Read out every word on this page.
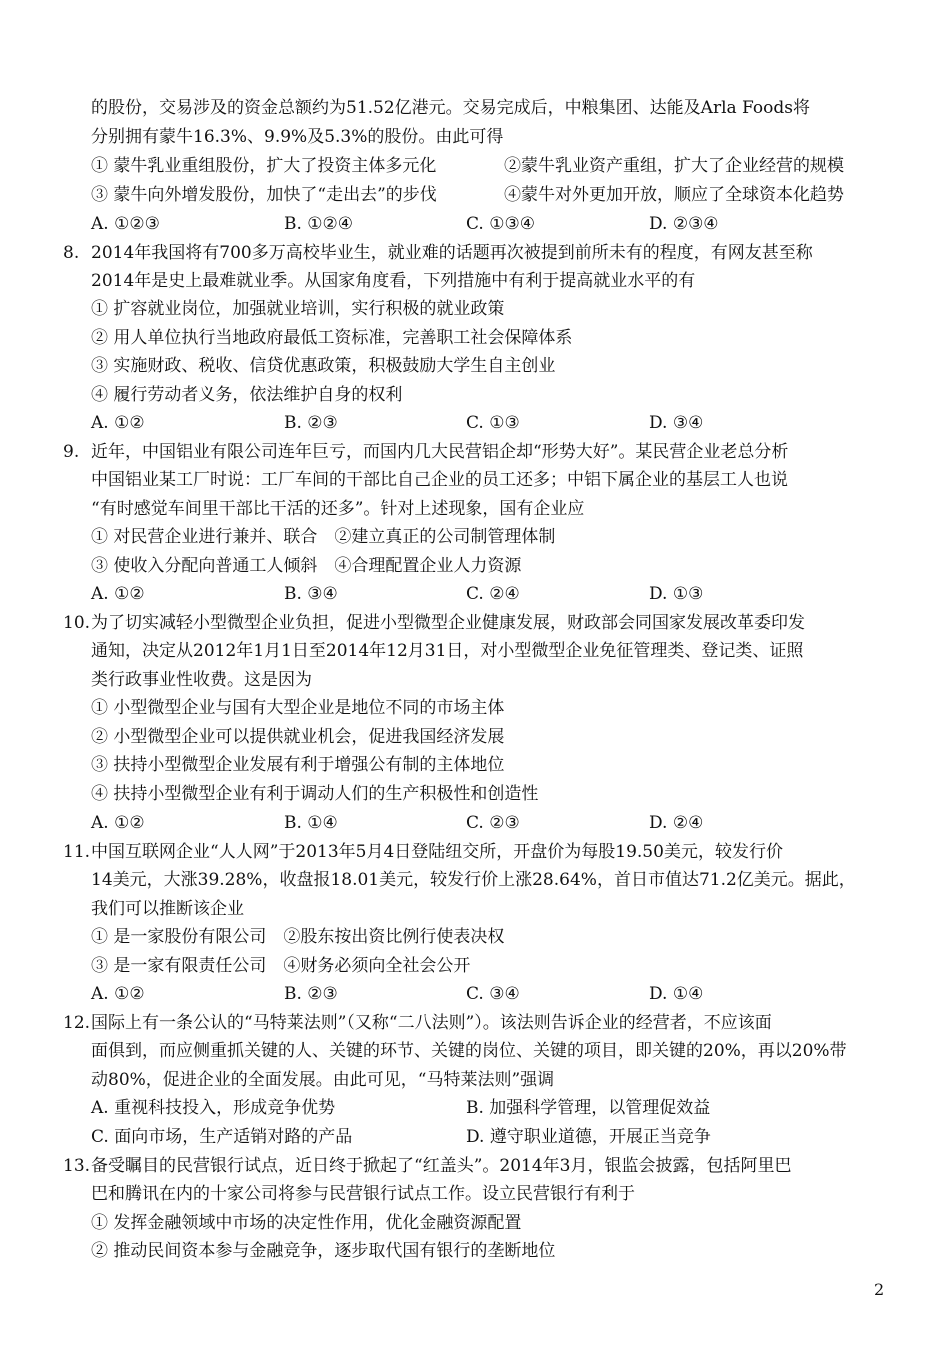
的股份，交易涉及的资金总额约为51.52亿港元。交易完成后，中粮集团、达能及Arla Foods将
分别拥有蒙牛16.3%、9.9%及5.3%的股份。由此可得
① 蒙牛乳业重组股份，扩大了投资主体多元化	②蒙牛乳业资产重组，扩大了企业经营的规模
③ 蒙牛向外增发股份，加快了“走出去”的步伐	④蒙牛对外更加开放，顺应了全球资本化趋势
A. ①②③	B. ①②④	C. ①③④	D. ②③④
8. 2014年我国将有700多万高校毕业生，就业难的话题再次被提到前所未有的程度，有网友甚至称
2014年是史上最难就业季。从国家角度看，下列措施中有利于提高就业水平的有
① 扩容就业岗位，加强就业培训，实行积极的就业政策
② 用人单位执行当地政府最低工资标准，完善职工社会保障体系
③ 实施财政、税收、信贷优惠政策，积极鼓励大学生自主创业
④ 履行劳动者义务，依法维护自身的权利
A. ①②	B. ②③	C. ①③	D. ③④
9. 近年，中国铝业有限公司连年巨亏，而国内几大民营铝企却“形势大好”。某民营企业老总分析
中国铝业某工厂时说：工厂车间的干部比自己企业的员工还多；中铝下属企业的基层工人也说
“有时感觉车间里干部比干活的还多”。针对上述现象，国有企业应
① 对民营企业进行兼并、联合　②建立真正的公司制管理体制
③ 使收入分配向普通工人倾斜　④合理配置企业人力资源
A. ①②	B. ③④	C. ②④	D. ①③
10. 为了切实减轻小型微型企业负担，促进小型微型企业健康发展，财政部会同国家发展改革委印发
通知，决定从2012年1月1日至2014年12月31日，对小型微型企业免征管理类、登记类、证照
类行政事业性收费。这是因为
① 小型微型企业与国有大型企业是地位不同的市场主体
② 小型微型企业可以提供就业机会，促进我国经济发展
③ 扶持小型微型企业发展有利于增强公有制的主体地位
④ 扶持小型微型企业有利于调动人们的生产积极性和创造性
A. ①②	B. ①④	C. ②③	D. ②④
11. 中国互联网企业“人人网”于2013年5月4日登陆纽交所，开盘价为每股19.50美元，较发行价
14美元，大涨39.28%，收盘报18.01美元，较发行价上涨28.64%，首日市值达71.2亿美元。据此，
我们可以推断该企业
① 是一家股份有限公司　②股东按出资比例行使表决权
③ 是一家有限责任公司　④财务必须向全社会公开
A. ①②	B. ②③	C. ③④	D. ①④
12. 国际上有一条公认的“马特莱法则”（又称“二八法则”）。该法则告诉企业的经营者，不应该面
面俱到，而应侧重抓关键的人、关键的环节、关键的岗位、关键的项目，即关键的20%，再以20%带
动80%，促进企业的全面发展。由此可见，“马特莱法则”强调
A. 重视科技投入，形成竞争优势	B. 加强科学管理，以管理促效益
C. 面向市场，生产适销对路的产品	D. 遵守职业道德，开展正当竞争
13. 备受瞩目的民营银行试点，近日终于掀起了“红盖头”。2014年3月，银监会披露，包括阿里巴
巴和腾讯在内的十家公司将参与民营银行试点工作。设立民营银行有利于
① 发挥金融领域中市场的决定性作用，优化金融资源配置
② 推动民间资本参与金融竞争，逐步取代国有银行的垄断地位
2
